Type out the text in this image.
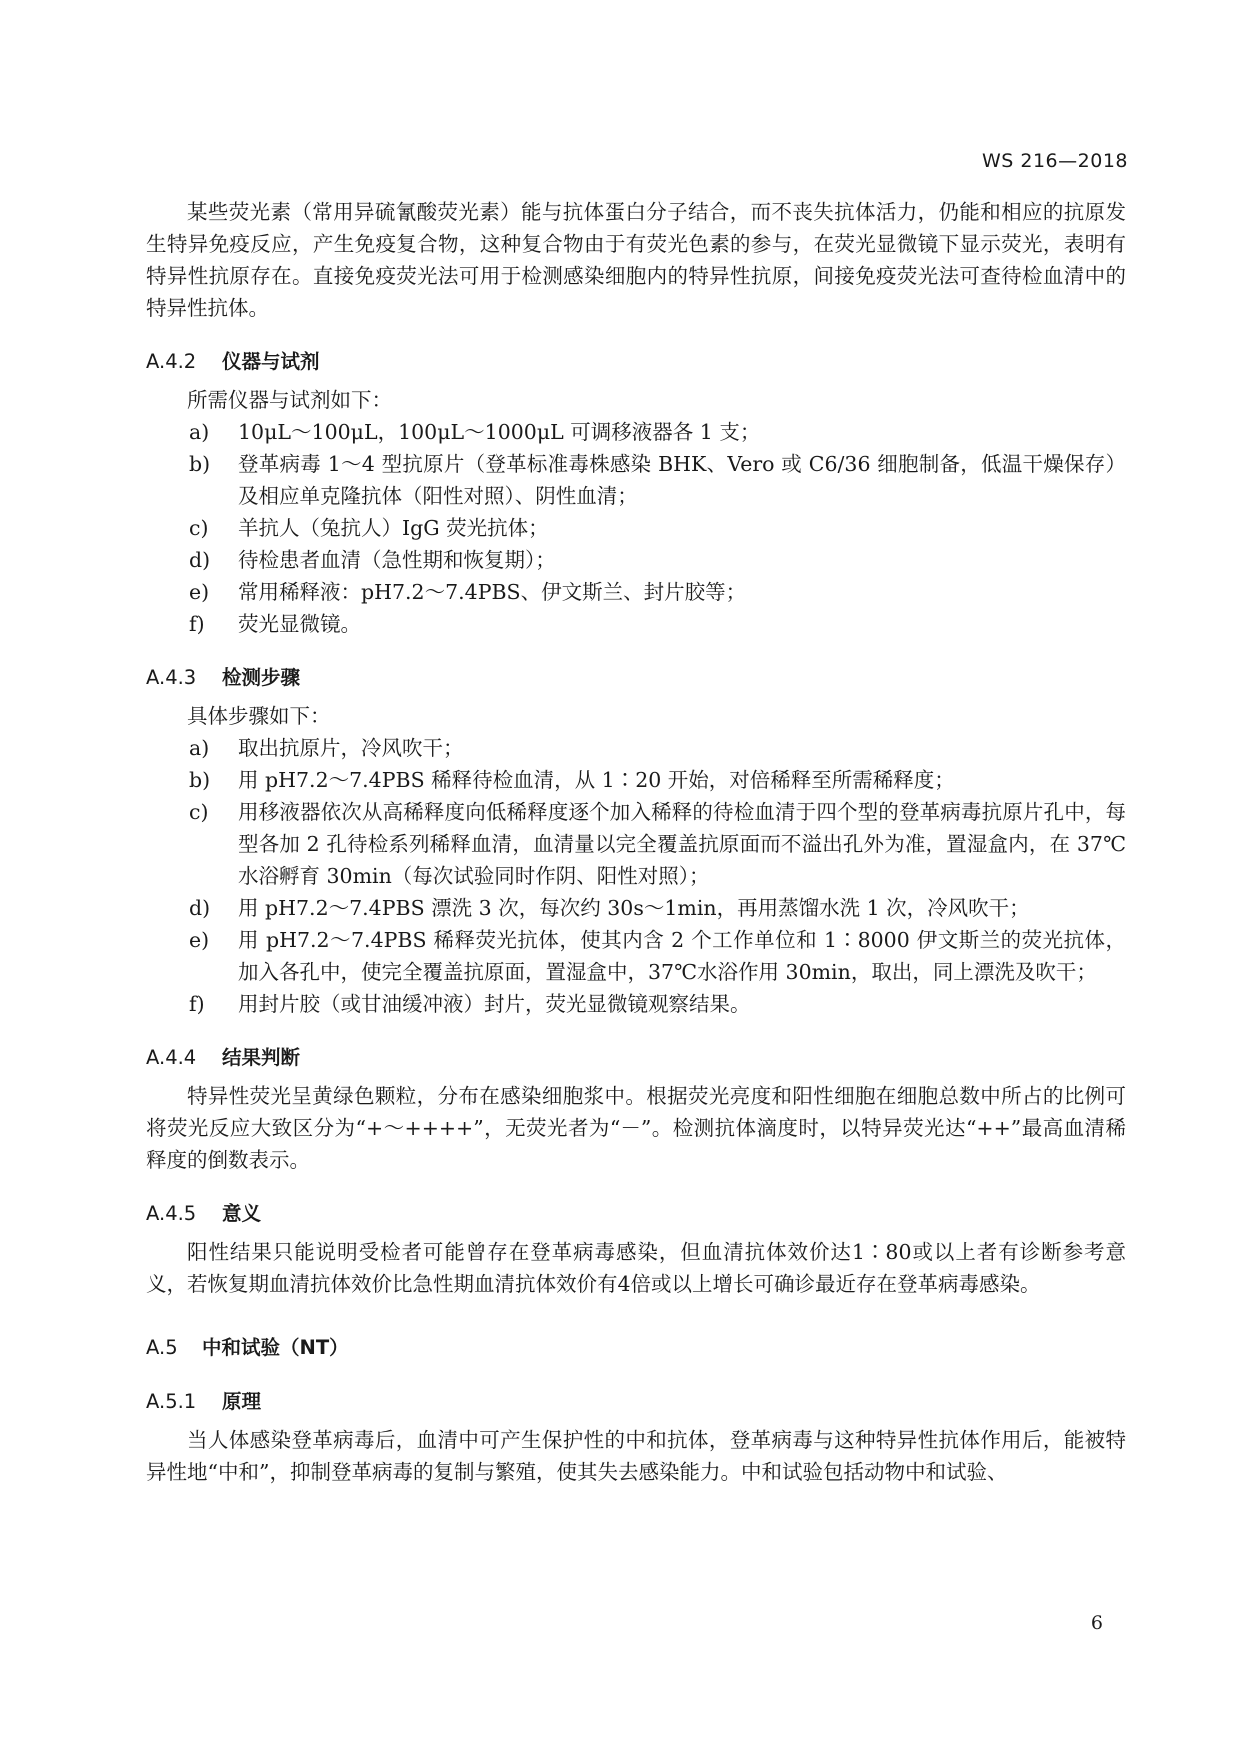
WS 216—2018

某些荧光素（常用异硫氰酸荧光素）能与抗体蛋白分子结合，而不丧失抗体活力，仍能和相应的抗原发生特异免疫反应，产生免疫复合物，这种复合物由于有荧光色素的参与，在荧光显微镜下显示荧光，表明有特异性抗原存在。直接免疫荧光法可用于检测感染细胞内的特异性抗原，间接免疫荧光法可查待检血清中的特异性抗体。

A.4.2	仪器与试剂

所需仪器与试剂如下：

a)	10μL～100μL，100μL～1000μL 可调移液器各 1 支；
b)	登革病毒 1～4 型抗原片（登革标准毒株感染 BHK、Vero 或 C6/36 细胞制备，低温干燥保存）及相应单克隆抗体（阳性对照）、阴性血清；
c)	羊抗人（兔抗人）IgG 荧光抗体；
d)	待检患者血清（急性期和恢复期）；
e)	常用稀释液：pH7.2～7.4PBS、伊文斯兰、封片胶等；
f)	荧光显微镜。
A.4.3	检测步骤

具体步骤如下：

a)	取出抗原片，冷风吹干；
b)	用 pH7.2～7.4PBS 稀释待检血清，从 1∶20 开始，对倍稀释至所需稀释度；
c)	用移液器依次从高稀释度向低稀释度逐个加入稀释的待检血清于四个型的登革病毒抗原片孔中，每型各加 2 孔待检系列稀释血清，血清量以完全覆盖抗原面而不溢出孔外为准，置湿盒内，在 37℃水浴孵育 30min（每次试验同时作阴、阳性对照）；
d)	用 pH7.2～7.4PBS 漂洗 3 次，每次约 30s～1min，再用蒸馏水洗 1 次，冷风吹干；
e)	用 pH7.2～7.4PBS 稀释荧光抗体，使其内含 2 个工作单位和 1∶8000 伊文斯兰的荧光抗体，加入各孔中，使完全覆盖抗原面，置湿盒中，37℃水浴作用 30min，取出，同上漂洗及吹干；
f)	用封片胶（或甘油缓冲液）封片，荧光显微镜观察结果。
A.4.4	结果判断

特异性荧光呈黄绿色颗粒，分布在感染细胞浆中。根据荧光亮度和阳性细胞在细胞总数中所占的比例可将荧光反应大致区分为“+～++++”，无荧光者为“－”。检测抗体滴度时，以特异荧光达“++”最高血清稀释度的倒数表示。

A.4.5	意义

阳性结果只能说明受检者可能曾存在登革病毒感染，但血清抗体效价达1∶80或以上者有诊断参考意义，若恢复期血清抗体效价比急性期血清抗体效价有4倍或以上增长可确诊最近存在登革病毒感染。

A.5	中和试验（NT）
A.5.1	原理

当人体感染登革病毒后，血清中可产生保护性的中和抗体，登革病毒与这种特异性抗体作用后，能被特异性地“中和”，抑制登革病毒的复制与繁殖，使其失去感染能力。中和试验包括动物中和试验、

6
